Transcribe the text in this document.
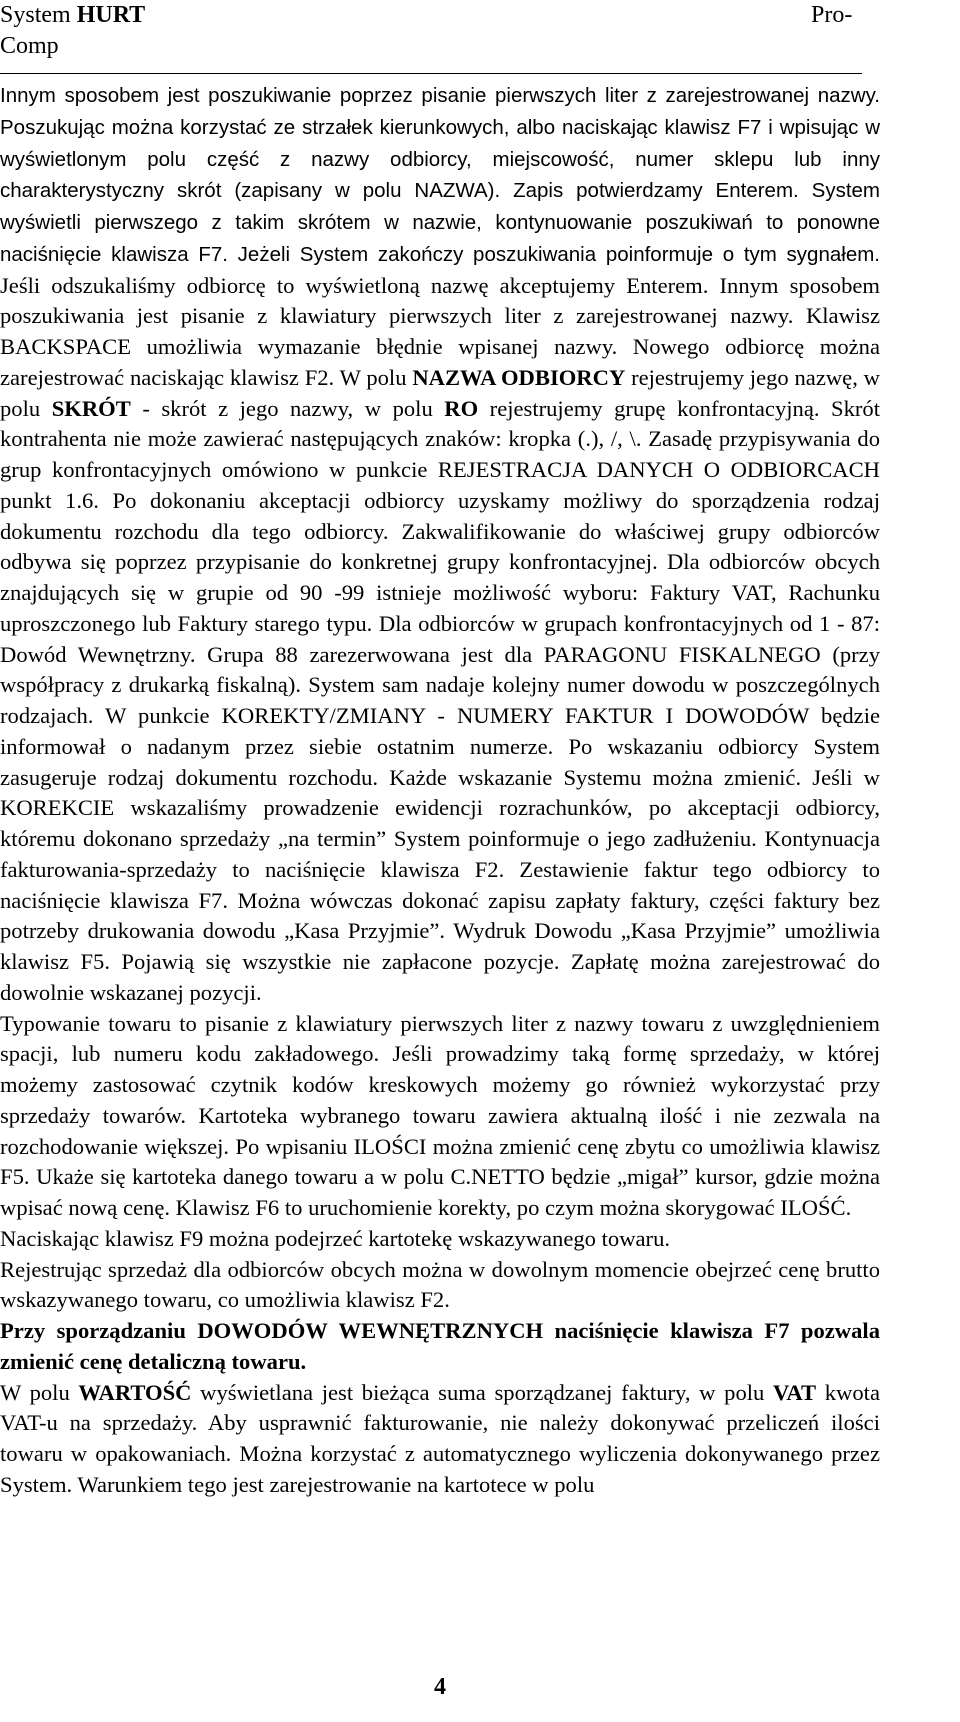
System HURT
Comp
Pro-

Innym sposobem jest poszukiwanie poprzez pisanie pierwszych liter z zarejestrowanej nazwy. Poszukując można korzystać ze strzałek kierunkowych, albo naciskając klawisz F7 i wpisując w wyświetlonym polu część z nazwy odbiorcy, miejscowość, numer sklepu lub inny charakterystyczny skrót (zapisany w polu NAZWA). Zapis potwierdzamy Enterem. System wyświetli pierwszego z takim skrótem w nazwie, kontynuowanie poszukiwań to ponowne naciśnięcie klawisza F7. Jeżeli System zakończy poszukiwania poinformuje o tym sygnałem. Jeśli odszukaliśmy odbiorcę to wyświetloną nazwę akceptujemy Enterem. Innym sposobem poszukiwania jest pisanie z klawiatury pierwszych liter z zarejestrowanej nazwy. Klawisz BACKSPACE umożliwia wymazanie błędnie wpisanej nazwy. Nowego odbiorcę można zarejestrować naciskając klawisz F2. W polu NAZWA ODBIORCY rejestrujemy jego nazwę, w polu SKRÓT - skrót z jego nazwy, w polu RO rejestrujemy grupę konfrontacyjną. Skrót kontrahenta nie może zawierać następujących znaków: kropka (.), /, \. Zasadę przypisywania do grup konfrontacyjnych omówiono w punkcie REJESTRACJA DANYCH O ODBIORCACH punkt 1.6. Po dokonaniu akceptacji odbiorcy uzyskamy możliwy do sporządzenia rodzaj dokumentu rozchodu dla tego odbiorcy. Zakwalifikowanie do właściwej grupy odbiorców odbywa się poprzez przypisanie do konkretnej grupy konfrontacyjnej. Dla odbiorców obcych znajdujących się w grupie od 90 -99 istnieje możliwość wyboru: Faktury VAT, Rachunku uproszczonego lub Faktury starego typu. Dla odbiorców w grupach konfrontacyjnych od 1 - 87: Dowód Wewnętrzny. Grupa 88 zarezerwowana jest dla PARAGONU FISKALNEGO (przy współpracy z drukarką fiskalną). System sam nadaje kolejny numer dowodu w poszczególnych rodzajach. W punkcie KOREKTY/ZMIANY - NUMERY FAKTUR I DOWODÓW będzie informował o nadanym przez siebie ostatnim numerze. Po wskazaniu odbiorcy System zasugeruje rodzaj dokumentu rozchodu. Każde wskazanie Systemu można zmienić. Jeśli w KOREKCIE wskazaliśmy prowadzenie ewidencji rozrachunków, po akceptacji odbiorcy, któremu dokonano sprzedaży „na termin” System poinformuje o jego zadłużeniu. Kontynuacja fakturowania-sprzedaży to naciśnięcie klawisza F2. Zestawienie faktur tego odbiorcy to naciśnięcie klawisza F7. Można wówczas dokonać zapisu zapłaty faktury, części faktury bez potrzeby drukowania dowodu „Kasa Przyjmie”. Wydruk Dowodu „Kasa Przyjmie” umożliwia klawisz F5. Pojawią się wszystkie nie zapłacone pozycje. Zapłatę można zarejestrować do dowolnie wskazanej pozycji.

Typowanie towaru to pisanie z klawiatury pierwszych liter z nazwy towaru z uwzględnieniem spacji, lub numeru kodu zakładowego. Jeśli prowadzimy taką formę sprzedaży, w której możemy zastosować czytnik kodów kreskowych możemy go również wykorzystać przy sprzedaży towarów. Kartoteka wybranego towaru zawiera aktualną ilość i nie zezwala na rozchodowanie większej. Po wpisaniu ILOŚCI można zmienić cenę zbytu co umożliwia klawisz F5. Ukaże się kartoteka danego towaru a w polu C.NETTO będzie „migał” kursor, gdzie można wpisać nową cenę. Klawisz F6 to uruchomienie korekty, po czym można skorygować ILOŚĆ.

Naciskając klawisz F9 można podejrzeć kartotekę wskazywanego towaru.

Rejestrując sprzedaż dla odbiorców obcych można w dowolnym momencie obejrzeć cenę brutto wskazywanego towaru, co umożliwia klawisz F2.

Przy sporządzaniu DOWODÓW WEWNĘTRZNYCH naciśnięcie klawisza F7 pozwala zmienić cenę detaliczną towaru.

W polu WARTOŚĆ wyświetlana jest bieżąca suma sporządzanej faktury, w polu VAT kwota VAT-u na sprzedaży. Aby usprawnić fakturowanie, nie należy dokonywać przeliczeń ilości towaru w opakowaniach. Można korzystać z automatycznego wyliczenia dokonywanego przez System. Warunkiem tego jest zarejestrowanie na kartotece w polu

4
